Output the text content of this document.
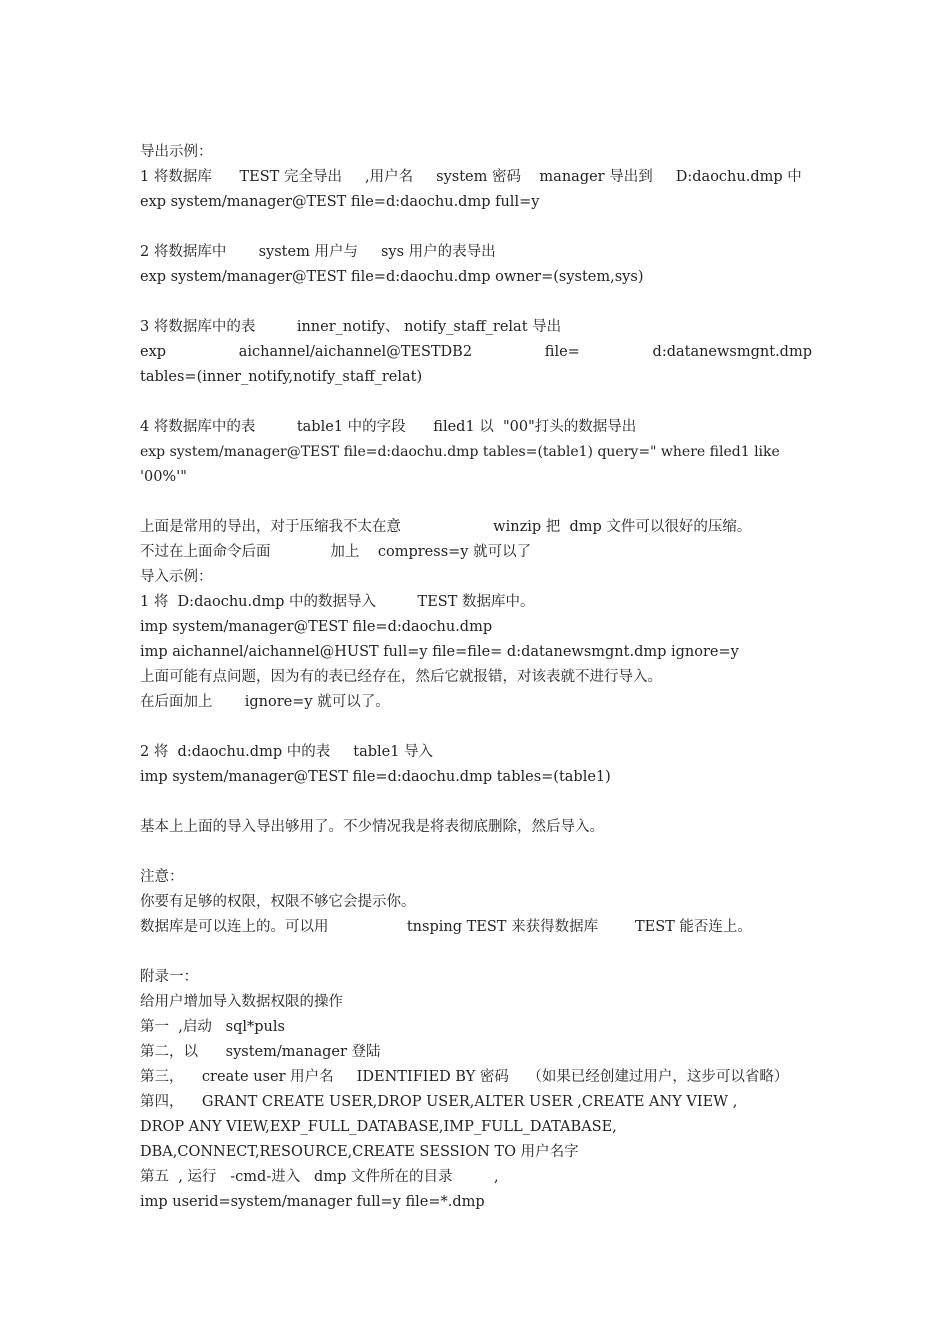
导出示例：
1 将数据库      TEST 完全导出     ,用户名     system 密码    manager 导出到     D:daochu.dmp 中
exp system/manager@TEST file=d:daochu.dmp full=y
2 将数据库中       system 用户与     sys 用户的表导出
exp system/manager@TEST file=d:daochu.dmp owner=(system,sys)
3 将数据库中的表         inner_notify、 notify_staff_relat 导出
exp	aichannel/aichannel@TESTDB2	file=	d:datanewsmgnt.dmp
tables=(inner_notify,notify_staff_relat)
4 将数据库中的表         table1 中的字段      filed1 以  "00"打头的数据导出
exp system/manager@TEST file=d:daochu.dmp tables=(table1) query=" where filed1 like
'00%'"
上面是常用的导出，对于压缩我不太在意                    winzip 把  dmp 文件可以很好的压缩。
不过在上面命令后面             加上    compress=y 就可以了
导入示例：
1 将  D:daochu.dmp 中的数据导入         TEST 数据库中。
imp system/manager@TEST file=d:daochu.dmp
imp aichannel/aichannel@HUST full=y file=file= d:datanewsmgnt.dmp ignore=y
上面可能有点问题，因为有的表已经存在，然后它就报错，对该表就不进行导入。
在后面加上       ignore=y 就可以了。
2 将  d:daochu.dmp 中的表     table1 导入
imp system/manager@TEST file=d:daochu.dmp tables=(table1)
基本上上面的导入导出够用了。不少情况我是将表彻底删除，然后导入。
注意：
你要有足够的权限，权限不够它会提示你。
数据库是可以连上的。可以用                 tnsping TEST 来获得数据库        TEST 能否连上。
附录一：
给用户增加导入数据权限的操作
第一  ,启动   sql*puls
第二，以      system/manager 登陆
第三，    create user 用户名     IDENTIFIED BY 密码    （如果已经创建过用户，这步可以省略）
第四，    GRANT CREATE USER,DROP USER,ALTER USER ,CREATE ANY VIEW ,
DROP ANY VIEW,EXP_FULL_DATABASE,IMP_FULL_DATABASE,
DBA,CONNECT,RESOURCE,CREATE SESSION TO 用户名字
第五  , 运行   -cmd-进入   dmp 文件所在的目录         ,
imp userid=system/manager full=y file=*.dmp
